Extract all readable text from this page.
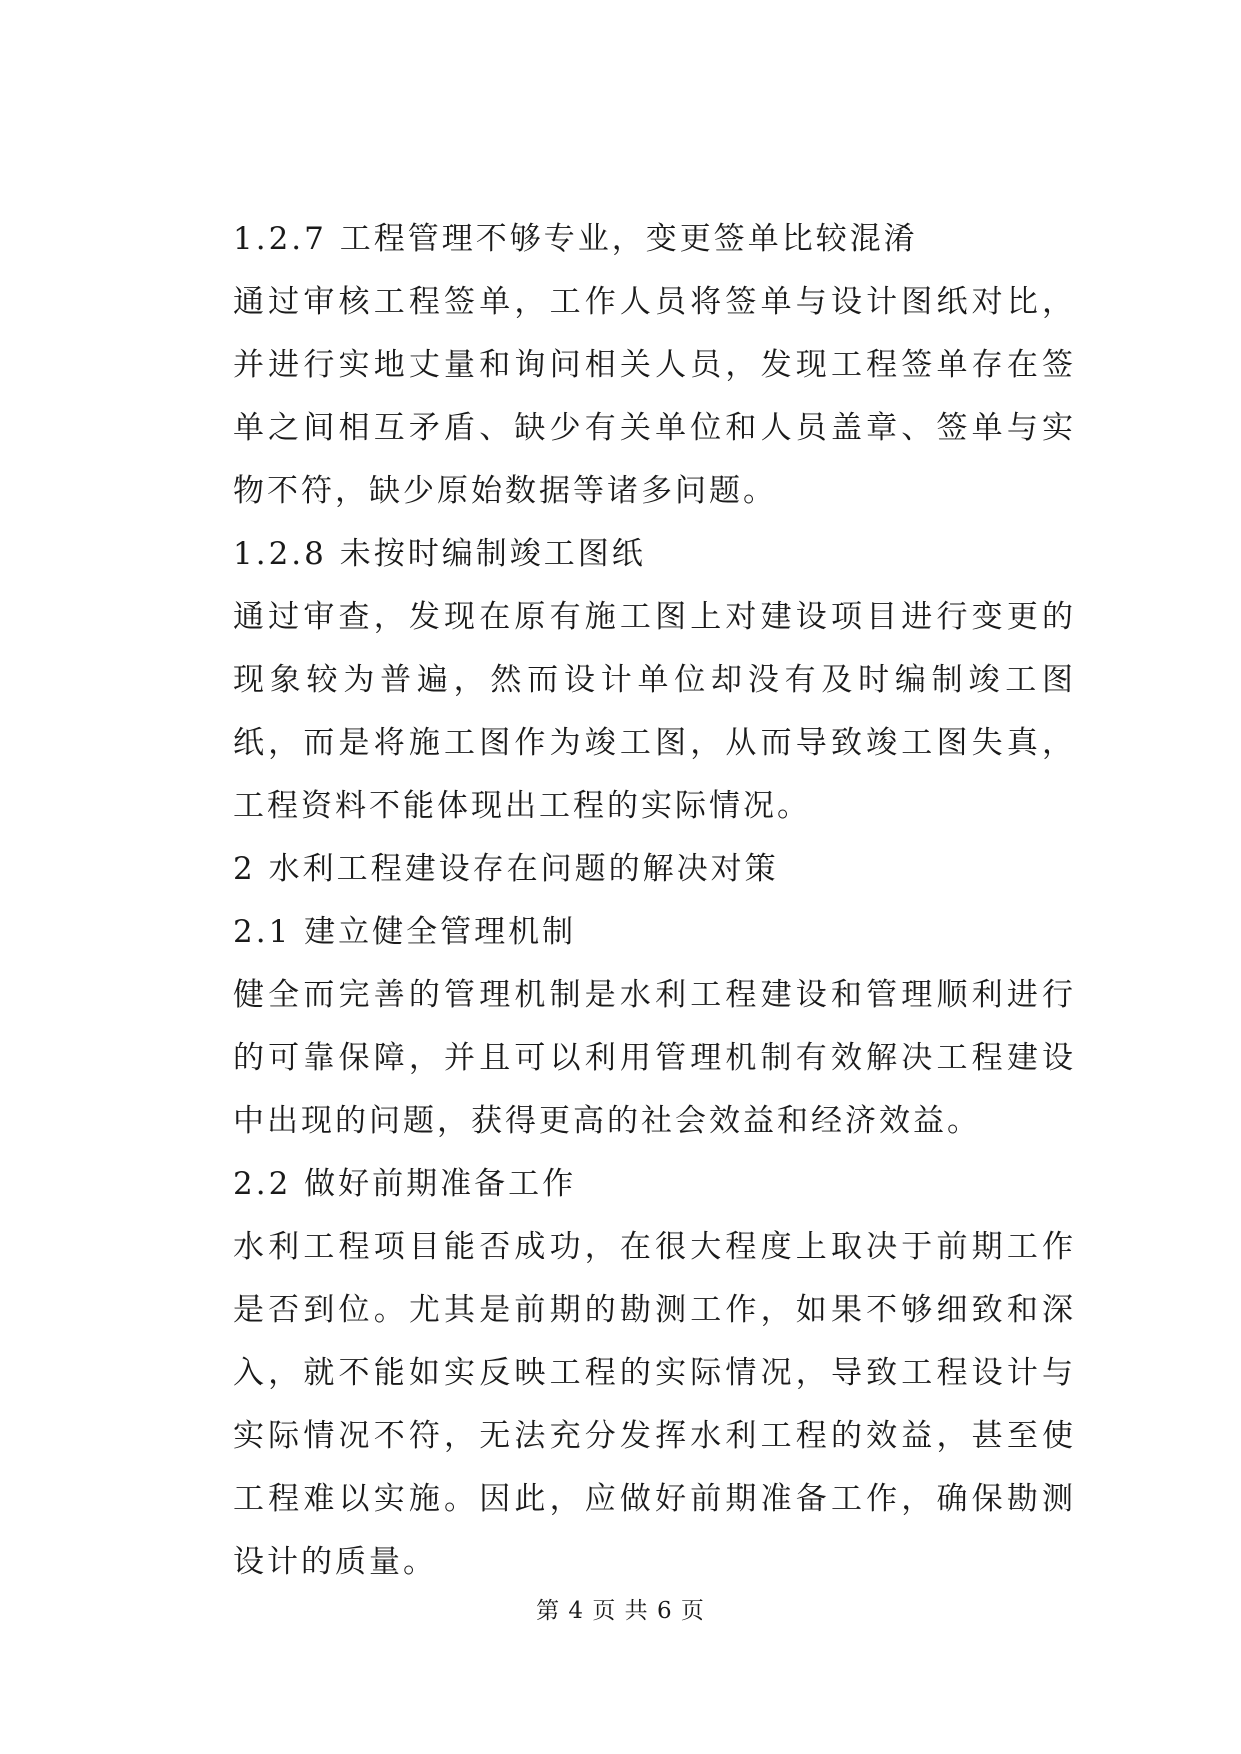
1.2.7 工程管理不够专业，变更签单比较混淆

通过审核工程签单，工作人员将签单与设计图纸对比，并进行实地丈量和询问相关人员，发现工程签单存在签单之间相互矛盾、缺少有关单位和人员盖章、签单与实物不符，缺少原始数据等诸多问题。

1.2.8 未按时编制竣工图纸

通过审查，发现在原有施工图上对建设项目进行变更的现象较为普遍，然而设计单位却没有及时编制竣工图纸，而是将施工图作为竣工图，从而导致竣工图失真，工程资料不能体现出工程的实际情况。

2 水利工程建设存在问题的解决对策

2.1 建立健全管理机制

健全而完善的管理机制是水利工程建设和管理顺利进行的可靠保障，并且可以利用管理机制有效解决工程建设中出现的问题，获得更高的社会效益和经济效益。

2.2 做好前期准备工作

水利工程项目能否成功，在很大程度上取决于前期工作是否到位。尤其是前期的勘测工作，如果不够细致和深入，就不能如实反映工程的实际情况，导致工程设计与实际情况不符，无法充分发挥水利工程的效益，甚至使工程难以实施。因此，应做好前期准备工作，确保勘测设计的质量。

第 4 页 共 6 页
